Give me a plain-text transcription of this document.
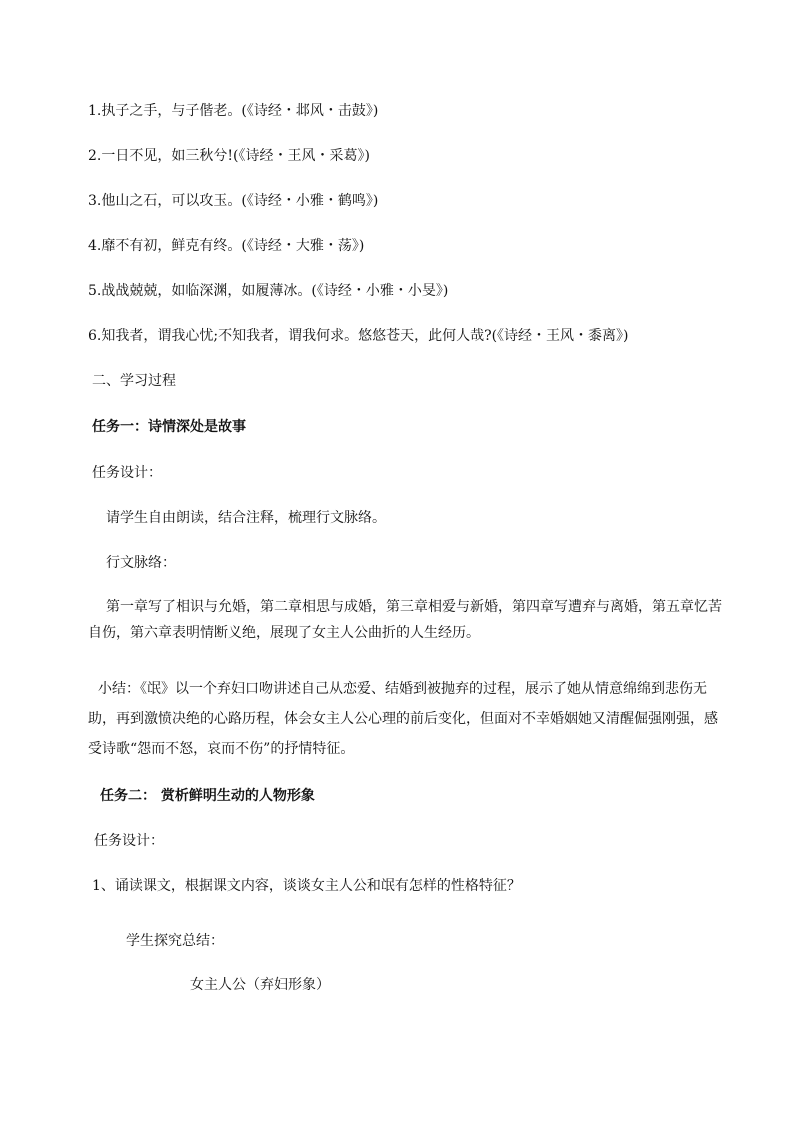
1.执子之手，与子偕老。(《诗经・邶风・击鼓》)
2.一日不见，如三秋兮!(《诗经・王风・采葛》)
3.他山之石，可以攻玉。(《诗经・小雅・鹤鸣》)
4.靡不有初，鲜克有终。(《诗经・大雅・荡》)
5.战战兢兢，如临深渊，如履薄冰。(《诗经・小雅・小旻》)
6.知我者，谓我心忧;不知我者，谓我何求。悠悠苍天，此何人哉?(《诗经・王风・黍离》)
二、学习过程
任务一：诗情深处是故事
任务设计：
请学生自由朗读，结合注释，梳理行文脉络。
行文脉络：
第一章写了相识与允婚，第二章相思与成婚，第三章相爱与新婚，第四章写遭弃与离婚，第五章忆苦自伤，第六章表明情断义绝，展现了女主人公曲折的人生经历。
小结：《氓》以一个弃妇口吻讲述自己从恋爱、结婚到被抛弃的过程，展示了她从情意绵绵到悲伤无助，再到激愤决绝的心路历程，体会女主人公心理的前后变化，但面对不幸婚姻她又清醒倔强刚强，感受诗歌“怨而不怒，哀而不伤”的抒情特征。
任务二： 赏析鲜明生动的人物形象
任务设计：
1、诵读课文，根据课文内容，谈谈女主人公和氓有怎样的性格特征？
学生探究总结：
女主人公（弃妇形象）
